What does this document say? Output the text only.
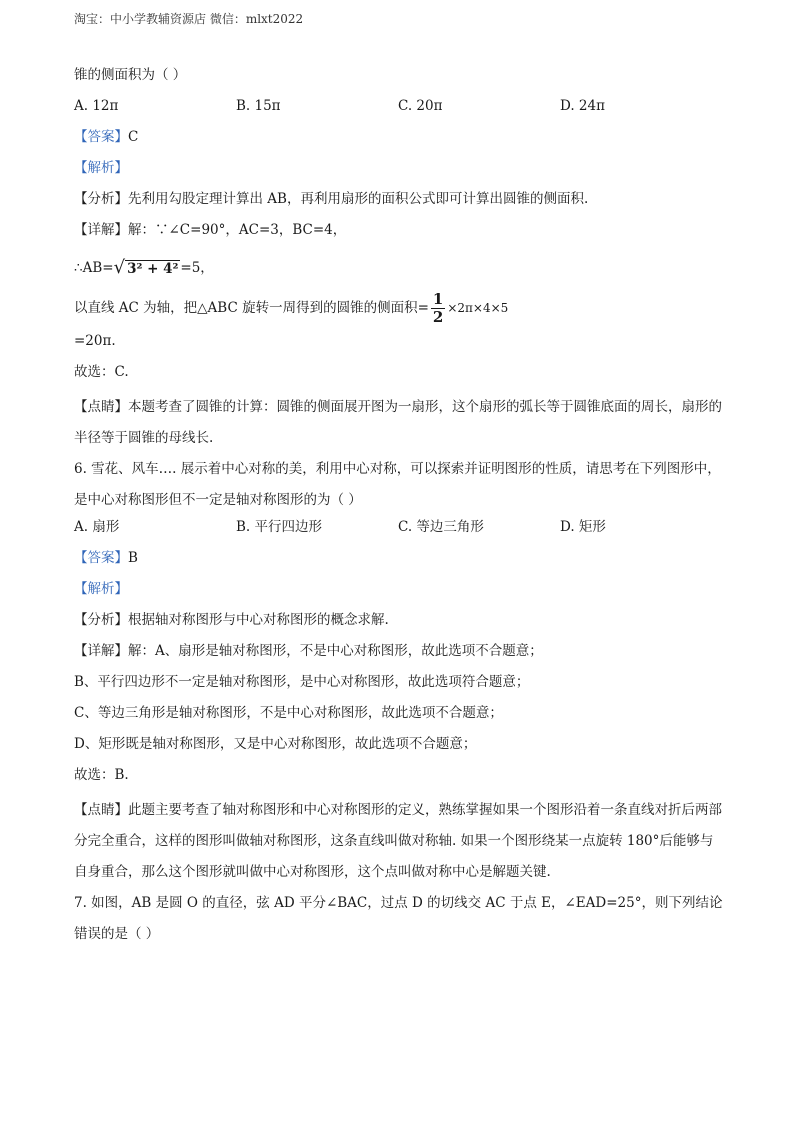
淘宝：中小学教辅资源店 微信：mlxt2022
锥的侧面积为（ ）
A. 12π	B. 15π	C. 20π	D. 24π
【答案】C
【解析】
【分析】先利用勾股定理计算出 AB，再利用扇形的面积公式即可计算出圆锥的侧面积.
【详解】解：∵∠C=90°，AC=3，BC=4，
∴AB=√ 3² + 4² =5，
以直线 AC 为轴，把△ABC 旋转一周得到的圆锥的侧面积= $\frac{1}{2} \times 2\pi\times 4\times 5$
=20π.
故选：C.
【点睛】本题考查了圆锥的计算：圆锥的侧面展开图为一扇形，这个扇形的弧长等于圆锥底面的周长，扇形的半径等于圆锥的母线长.
6. 雪花、风车…. 展示着中心对称的美，利用中心对称，可以探索并证明图形的性质，请思考在下列图形中，是中心对称图形但不一定是轴对称图形的为（ ）
A. 扇形	B. 平行四边形	C. 等边三角形	D. 矩形
【答案】B
【解析】
【分析】根据轴对称图形与中心对称图形的概念求解.
【详解】解：A、扇形是轴对称图形，不是中心对称图形，故此选项不合题意；
B、平行四边形不一定是轴对称图形，是中心对称图形，故此选项符合题意；
C、等边三角形是轴对称图形，不是中心对称图形，故此选项不合题意；
D、矩形既是轴对称图形，又是中心对称图形，故此选项不合题意；
故选：B.
【点睛】此题主要考查了轴对称图形和中心对称图形的定义，熟练掌握如果一个图形沿着一条直线对折后两部分完全重合，这样的图形叫做轴对称图形，这条直线叫做对称轴. 如果一个图形绕某一点旋转 180°后能够与自身重合，那么这个图形就叫做中心对称图形，这个点叫做对称中心是解题关键.
7. 如图，AB 是圆 O 的直径，弦 AD 平分∠BAC，过点 D 的切线交 AC 于点 E，∠EAD=25°，则下列结论错误的是（ ）
